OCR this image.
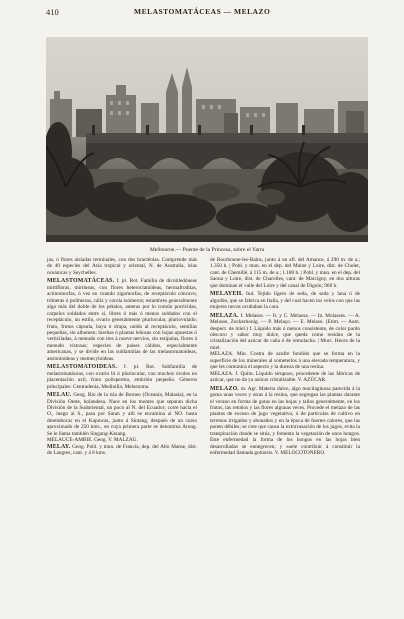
410	MELASTOMATÁCEAS — MELAZO
Melbourne.— Puente de la Princesa, sobre el Yarra

jas, ó flores aisladas terminales, con dos bractéolas. Comprende más de 40 especies del Asia tropical y oriental, N. de Australia, islas oceánicas y Seychelles.

MELASTOMATÁCEAS. f. pl. Bot. Familia de dicotiledóneas mirtifloras, mirtineas, con flores heteroclamídeas, hermafroditas, actinomorfas, ó vez en cuando zigomorfas, de receptáculo cóncavo, trímeras ó polímeras, cáliz y corola isómeros; estambres generalmente algo más del doble de los pétalos, anteras por lo común porricidas, carpelos soldados entre sí, libres ó más ó menos soldados con el receptáculo, un estilo, ovario generalmente pluriocular, pluriovulado; fruto, frutos cápsula, baya ó drupa, unido al receptáculo, semillas pequeñas, sin albumen; hierbas ó plantas leñosas con hojas opuestas ó verticiladas, á menudo con tres á nueve nervios, sin estípulas, flores á menudo vistosas; especies de países cálidos, especialmente americanas, y se divide en las subfamilias de las melastomatoideas, astronioideas y memecyloideas.

MELASTOMATOIDEAS. f. pl. Bot. Subfamilia de melastomatáceas, con ovario bi ó pluriocular, con muchos óvulos en placentación axil, fruto polispermo, embrión pequeño. Géneros principales: Centradenia, Medinilla, Melastoma.

MELAU. Geog. Río de la isla de Borneo (Oceanía, Malasia), en la División Oeste, holandesa. Nace en los montes que separan dicha División de la Sudoriental, un poco al N. del Ecuador; corre hacia el O., luego al S., pasa por Saran y allí se encamina al NO. hasta desembocar en el Kapuwas, junto á Sintang, después de un curso aproximado de 250 kms., en cuya primera parte se denomina Arong. Se le llama también Singang-Kasang.

MELAUCE-AMBIE. Geog. V. MALZAU.

MELAY. Geog. Pobl. y mun. de Francia, dep. del Alto Marne, dist. de Langres, cant. y á 8 kms.

de Bourbonne-les-Bains, junto á un afl. del Amance, á 290 m. de a.; 1.350 h. | Pobl. y mun. en el dep. del Maine y Loire, dist. de Cholet, cant. de Chemillé, á 115 m. de a.; 1.180 h. | Pobl. y mun. en el dep. del Saona y Loire, dist. de Charolles, cant. de Marcigny, en dos alturas que dominan el valle del Loire y del canal de Digoin; 960 h.

MELAYEH. Ind. Tejido ligero de seda, de seda y lana ó de algodón, que se fabrica en Italia, y del cual hacen los velos con que las mujeres turcas ocultaban la cara.

MELAZA. f. Melasse. — It. y C. Melassa. — In. Molasses. — A. Melasse, Zuckerhonig. — P. Melaço. — E. Melaso. (Etim. — Aum. despect. de miel.) f. Líquido más ó menos consistente, de color pardo obscuro y sabor muy dulce, que queda como residuo de la cristalización del azúcar de caña ó de remolacha. | Murc. Heces de la miel.

MELAZA. Min. Costra de azufre fundido que se forma en la superficie de los minerales al someterlos á una elevada temperatura, y que les comunica el aspecto y la dureza de una resina.

MELAZA. f. Quím. Líquido siruposo, procedente de las fábricas de azúcar, que no da ya azúcar cristalizable. V. AZÚCAR.

MELAZO. m. Agr. Materia dulce, algo mucilaginosa parecida á la goma unas veces y otras á la resina, que segregan las plantas durante el verano en forma de gotas en las hojas y tallos generalmente, en los frutos, las retoños y las flores algunas veces. Procede el melazo de las plantas de exceso de jugo vegetativo, ó de partículas de cultivo en terrenos irrigados y abonados y en la época de fuertes calores, que las ponen débiles; se cree que causa la extravasación de los jugos, evita la transpiración donde se sitúa, y fomenta la vegetación de unos hongos. Este enfermedad la forma de los hongos en las hojas bien desarrolladas se ennegrecen; y suele contribuir á constituir la enfermedad llamada gomosis. V. MELOCOTONERO.
